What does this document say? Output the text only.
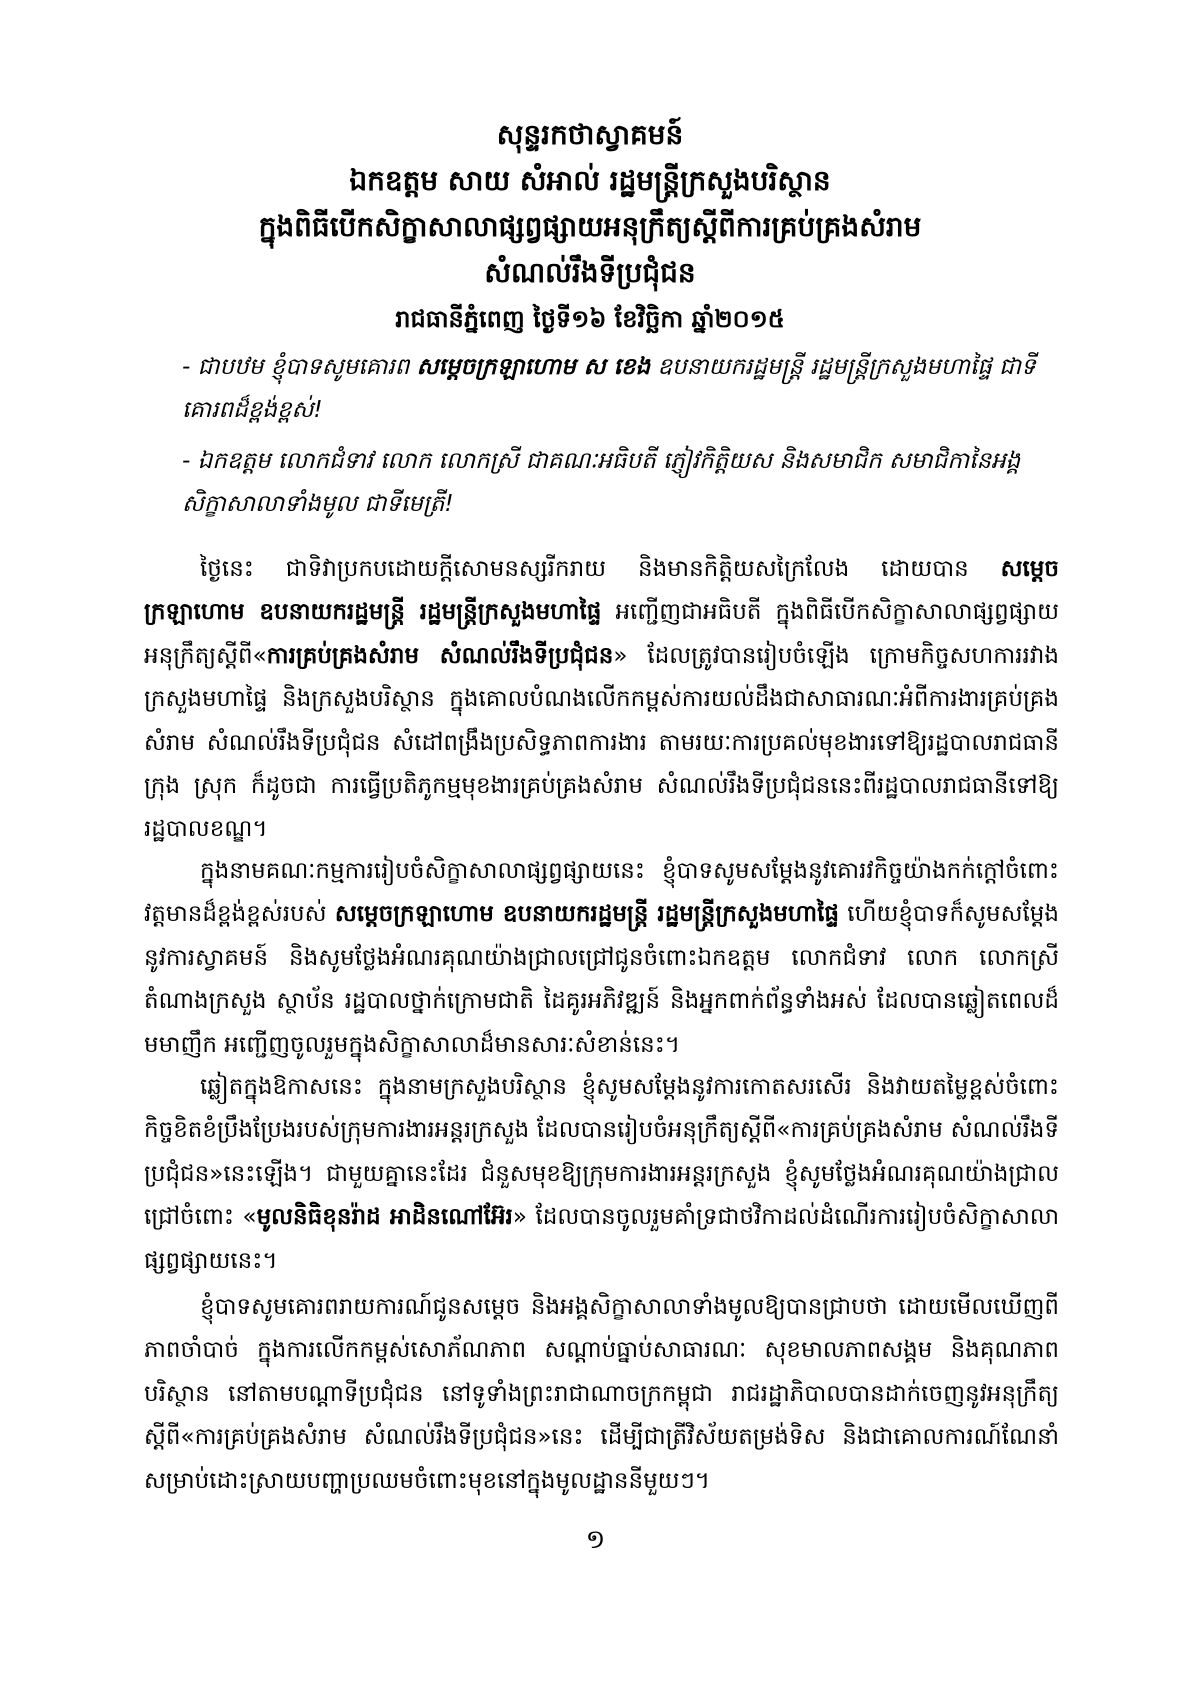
សុន្ទរកថាស្វាគមន៍

ឯកឧត្តម សាយ សំអាល់ រដ្ឋមន្ត្រីក្រសួងបរិស្ថាន

ក្នុងពិធីបើកសិក្ខាសាលាផ្សព្វផ្សាយអនុក្រឹត្យស្តីពីការគ្រប់គ្រងសំរាម

សំណល់រឹងទីប្រជុំជន

រាជធានីភ្នំពេញ ថ្ងៃទី១៦ ខែវិច្ឆិកា ឆ្នាំ២០១៥

- ជាបឋម ខ្ញុំបាទសូមគោរព សម្តេចក្រឡាហោម ស ខេង ឧបនាយករដ្ឋមន្ត្រី រដ្ឋមន្ត្រីក្រសួងមហាផ្ទៃ ជាទីគោរពដ៏ខ្ពង់ខ្ពស់!

- ឯកឧត្តម លោកជំទាវ លោក លោកស្រី ជាគណៈអធិបតី ភ្ញៀវកិត្តិយស និងសមាជិក សមាជិកានៃអង្គសិក្ខាសាលាទាំងមូល ជាទីមេត្រី!

ថ្ងៃនេះ ជាទិវាប្រកបដោយក្តីសោមនស្សរីករាយ និងមានកិត្តិយសក្រៃលែង ដោយបាន សម្តេចក្រឡាហោម ឧបនាយករដ្ឋមន្ត្រី រដ្ឋមន្ត្រីក្រសួងមហាផ្ទៃ អញ្ជើញជាអធិបតី ក្នុងពិធីបើកសិក្ខាសាលាផ្សព្វផ្សាយអនុក្រឹត្យស្តីពី«ការគ្រប់គ្រងសំរាម សំណល់រឹងទីប្រជុំជន» ដែលត្រូវបានរៀបចំឡើង ក្រោមកិច្ចសហការរវាងក្រសួងមហាផ្ទៃ និងក្រសួងបរិស្ថាន ក្នុងគោលបំណងលើកកម្ពស់ការយល់ដឹងជាសាធារណៈអំពីការងារគ្រប់គ្រងសំរាម សំណល់រឹងទីប្រជុំជន សំដៅពង្រឹងប្រសិទ្ធភាពការងារ តាមរយៈការប្រគល់មុខងារទៅឱ្យរដ្ឋបាលរាជធានី ក្រុង ស្រុក ក៏ដូចជា ការធ្វើប្រតិភូកម្មមុខងារគ្រប់គ្រងសំរាម សំណល់រឹងទីប្រជុំជននេះពីរដ្ឋបាលរាជធានីទៅឱ្យរដ្ឋបាលខណ្ឌ។

ក្នុងនាមគណៈកម្មការរៀបចំសិក្ខាសាលាផ្សព្វផ្សាយនេះ ខ្ញុំបាទសូមសម្តែងនូវគោរវកិច្ចយ៉ាងកក់ក្តៅចំពោះវត្តមានដ៏ខ្ពង់ខ្ពស់របស់ សម្តេចក្រឡាហោម ឧបនាយករដ្ឋមន្ត្រី រដ្ឋមន្ត្រីក្រសួងមហាផ្ទៃ ហើយខ្ញុំបាទក៏សូមសម្តែងនូវការស្វាគមន៍ និងសូមថ្លែងអំណរគុណយ៉ាងជ្រាលជ្រៅជូនចំពោះឯកឧត្តម លោកជំទាវ លោក លោកស្រី តំណាងក្រសួង ស្ថាប័ន រដ្ឋបាលថ្នាក់ក្រោមជាតិ ដៃគូរអភិវឌ្ឍន៍ និងអ្នកពាក់ព័ន្ធទាំងអស់ ដែលបានឆ្លៀតពេលដ៏មមាញឹក អញ្ជើញចូលរួមក្នុងសិក្ខាសាលាដ៏មានសារៈសំខាន់នេះ។

ឆ្លៀតក្នុងឱកាសនេះ ក្នុងនាមក្រសួងបរិស្ថាន ខ្ញុំសូមសម្តែងនូវការកោតសរសើរ និងវាយតម្លៃខ្ពស់ចំពោះកិច្ចខិតខំប្រឹងប្រែងរបស់ក្រុមការងារអន្តរក្រសួង ដែលបានរៀបចំអនុក្រឹត្យស្តីពី«ការគ្រប់គ្រងសំរាម សំណល់រឹងទីប្រជុំជន»នេះឡើង។ ជាមួយគ្នានេះដែរ ជំនួសមុខឱ្យក្រុមការងារអន្តរក្រសួង ខ្ញុំសូមថ្លែងអំណរគុណយ៉ាងជ្រាលជ្រៅចំពោះ «មូលនិធិខុនរ៉ាដ អាដិនណៅអ៊ែរ» ដែលបានចូលរួមគាំទ្រជាថវិកាដល់ដំណើរការរៀបចំសិក្ខាសាលាផ្សព្វផ្សាយនេះ។

ខ្ញុំបាទសូមគោរពរាយការណ៍ជូនសម្តេច និងអង្គសិក្ខាសាលាទាំងមូលឱ្យបានជ្រាបថា ដោយមើលឃើញពីភាពចាំបាច់ ក្នុងការលើកកម្ពស់សោភ័ណភាព សណ្តាប់ធ្នាប់សាធារណៈ សុខមាលភាពសង្គម និងគុណភាពបរិស្ថាន នៅតាមបណ្តាទីប្រជុំជន នៅទូទាំងព្រះរាជាណាចក្រកម្ពុជា រាជរដ្ឋាភិបាលបានដាក់ចេញនូវអនុក្រឹត្យស្តីពី«ការគ្រប់គ្រងសំរាម សំណល់រឹងទីប្រជុំជន»នេះ ដើម្បីជាត្រីវិស័យតម្រង់ទិស និងជាគោលការណ៍ណែនាំ សម្រាប់ដោះស្រាយបញ្ហាប្រឈមចំពោះមុខនៅក្នុងមូលដ្ឋាននីមួយៗ។

១
